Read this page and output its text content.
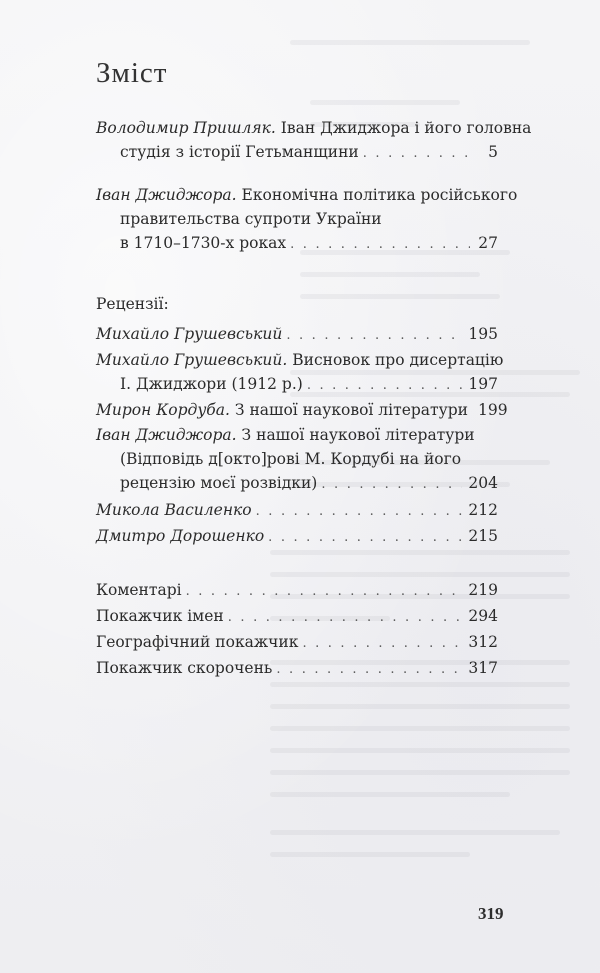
Зміст
Володимир Пришляк.
Іван Джиджора і його головна
студія з історії Гетьманщини . . .	5
Іван Джиджора.
Економічна політика російського
правительства супроти України
в 1710–1730-х роках . . .	27
Рецензії:
Михайло Грушевський . . .	195
Михайло Грушевський.
Висновок про дисертацію
І. Джиджори (1912 р.) . . .	197
Мирон Кордуба.
З нашої наукової літератури 199
Іван Джиджора.
З нашої наукової літератури
(Відповідь д[окто]рові М. Кордубі на його
рецензію моєї розвідки) . . .	204
Микола Василенко . . .	212
Дмитро Дорошенко . . .	215
Коментарі . . .	219
Покажчик імен . . .	294
Географічний покажчик . . .	312
Покажчик скорочень . . .	317
319
